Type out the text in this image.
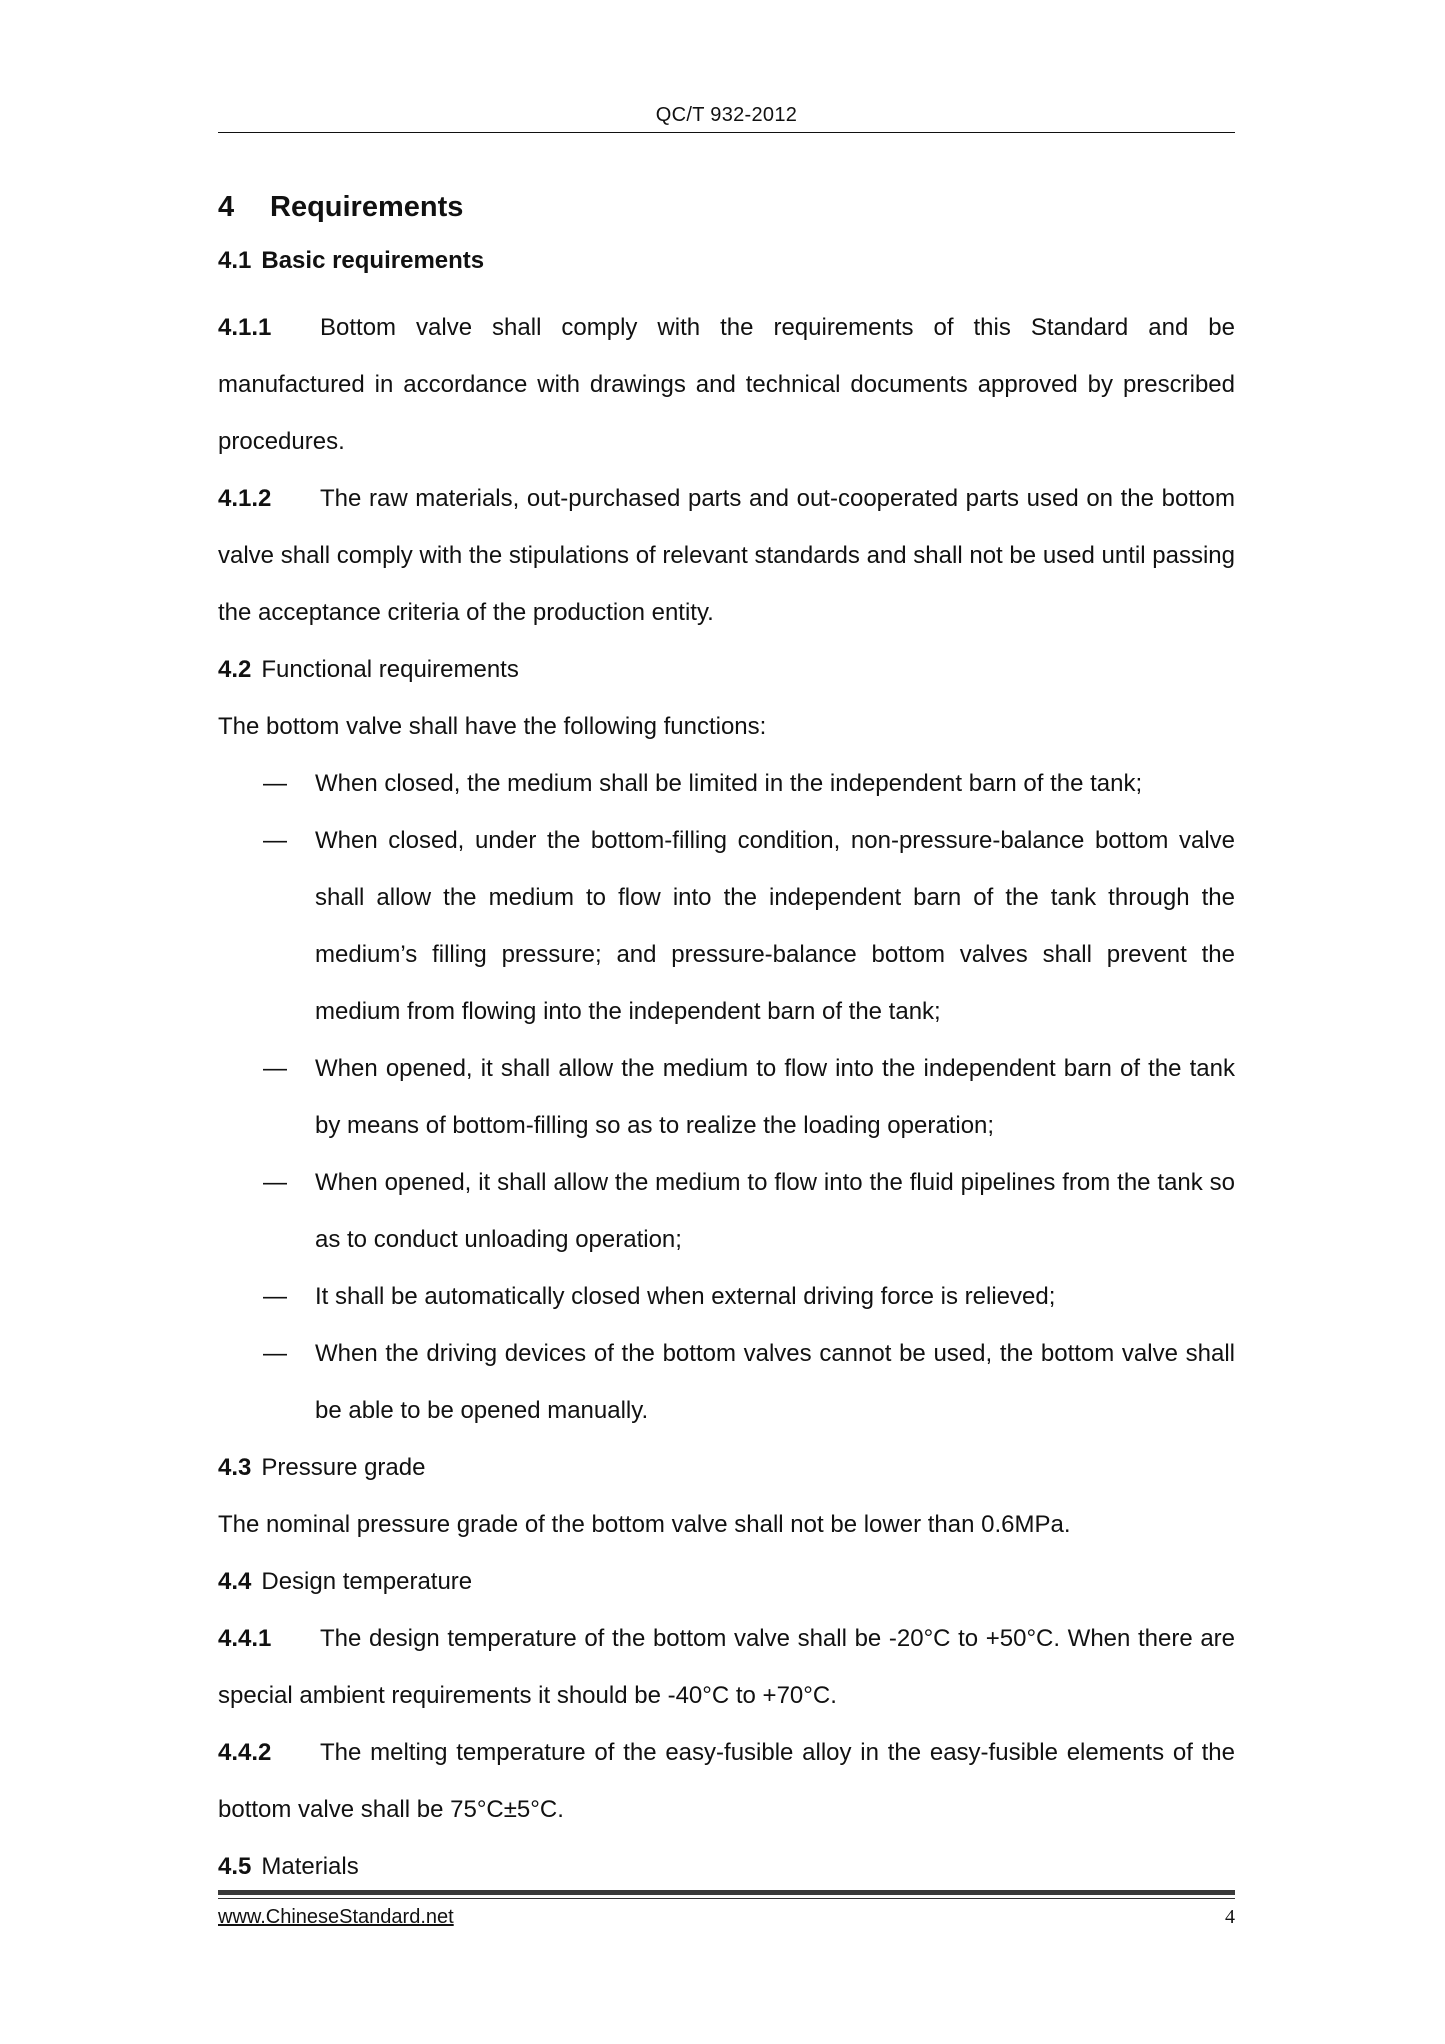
QC/T 932-2012
4 Requirements
4.1 Basic requirements
4.1.1 Bottom valve shall comply with the requirements of this Standard and be manufactured in accordance with drawings and technical documents approved by prescribed procedures.
4.1.2 The raw materials, out-purchased parts and out-cooperated parts used on the bottom valve shall comply with the stipulations of relevant standards and shall not be used until passing the acceptance criteria of the production entity.
4.2 Functional requirements
The bottom valve shall have the following functions:
— When closed, the medium shall be limited in the independent barn of the tank;
— When closed, under the bottom-filling condition, non-pressure-balance bottom valve shall allow the medium to flow into the independent barn of the tank through the medium’s filling pressure; and pressure-balance bottom valves shall prevent the medium from flowing into the independent barn of the tank;
— When opened, it shall allow the medium to flow into the independent barn of the tank by means of bottom-filling so as to realize the loading operation;
— When opened, it shall allow the medium to flow into the fluid pipelines from the tank so as to conduct unloading operation;
— It shall be automatically closed when external driving force is relieved;
— When the driving devices of the bottom valves cannot be used, the bottom valve shall be able to be opened manually.
4.3 Pressure grade
The nominal pressure grade of the bottom valve shall not be lower than 0.6MPa.
4.4 Design temperature
4.4.1 The design temperature of the bottom valve shall be -20°C to +50°C. When there are special ambient requirements it should be -40°C to +70°C.
4.4.2 The melting temperature of the easy-fusible alloy in the easy-fusible elements of the bottom valve shall be 75°C±5°C.
4.5 Materials
www.ChineseStandard.net	4
